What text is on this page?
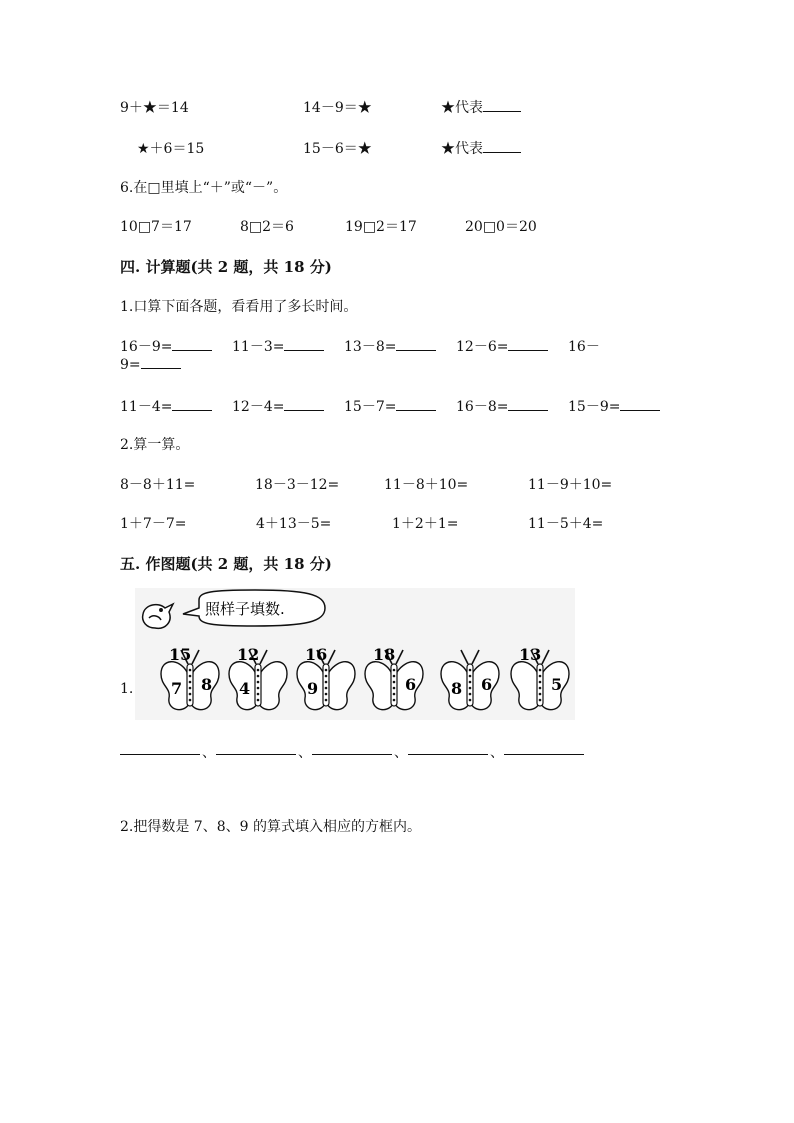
9＋★＝14	14－9＝★	★代表
★＋6＝15	15－6＝★	★代表
6.在□里填上“＋”或“－”。
10□7＝17	8□2＝6	19□2＝17	20□0＝20
四. 计算题(共 2 题，共 18 分)
1.口算下面各题，看看用了多长时间。
16－9=	11－3=	13－8=	12－6=	16－
9=
11－4=	12－4=	15－7=	16－8=	15－9=
2.算一算。
8－8＋11=	18－3－12=	11－8＋10=	11－9＋10=
1＋7－7=	4＋13－5=	1＋2＋1=	11－5＋4=
五. 作图题(共 2 题，共 18 分)
照样子填数.
15
7 8
12
4
16
9
18
6 8 6
13
5
1.
、	、	、	、
2.把得数是 7、8、9 的算式填入相应的方框内。
